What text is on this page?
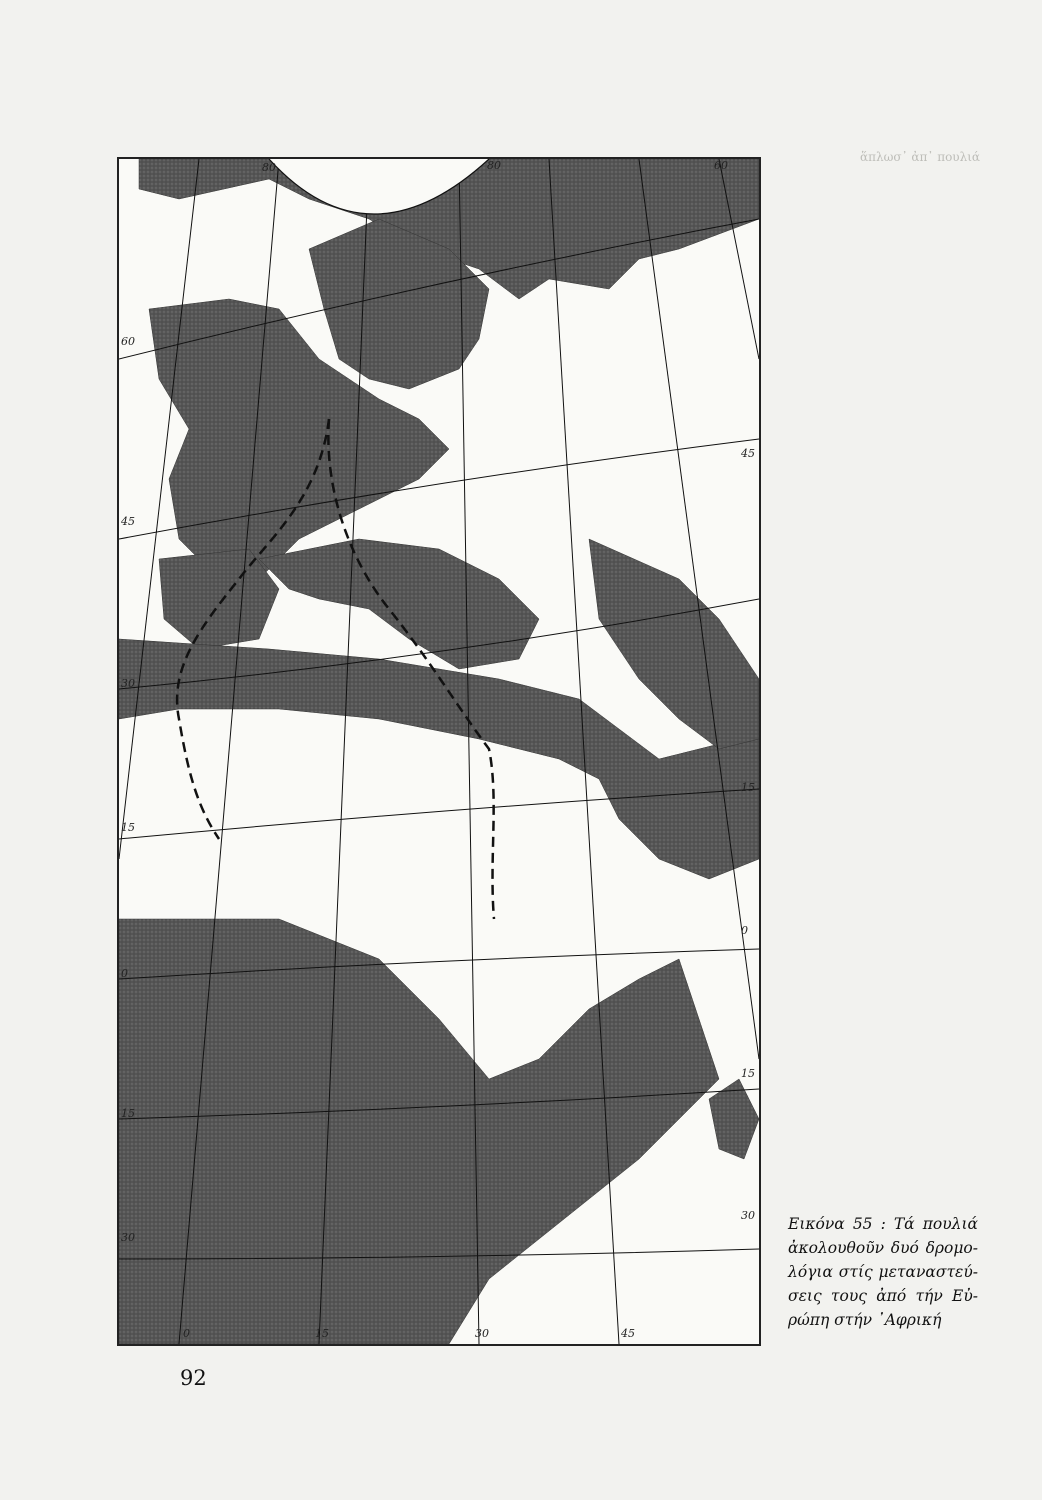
ἅπλωσ᾽ ἀπ᾽ πουλιά
80	80	60
60
45
30
15
0
15
30
45
15
0
15
30
0	15	30	45
Εικόνα 55 : Τά πουλιά
ἀκολουθοῦν δυό δρομο-
λόγια στίς μεταναστεύ-
σεις τους ἀπό τήν Εὐ-
ρώπη στήν ᾽Αφρική
92
